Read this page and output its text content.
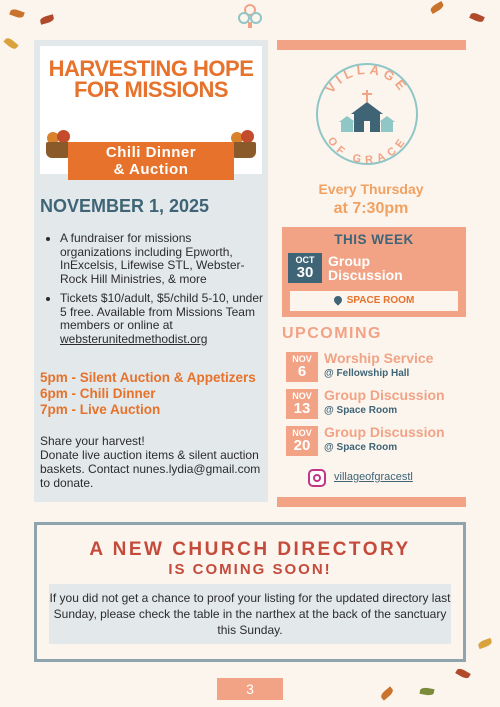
HARVESTING HOPE FOR MISSIONS
Chili Dinner
& Auction
NOVEMBER 1, 2025
• A fundraiser for missions organizations including Epworth, InExcelsis, Lifewise STL, Webster-Rock Hill Ministries, & more
• Tickets $10/adult, $5/child 5-10, under 5 free. Available from Missions Team members or online at websterunitedmethodist.org
5pm - Silent Auction & Appetizers
6pm - Chili Dinner
7pm - Live Auction
Share your harvest!
Donate live auction items & silent auction baskets. Contact nunes.lydia@gmail.com to donate.
VILLAGE
OF GRACE
Every Thursday
at 7:30pm
THIS WEEK
OCT
30
Group
Discussion
SPACE ROOM
UPCOMING
NOV
6
Worship Service
@ Fellowship Hall
NOV
13
Group Discussion
@ Space Room
NOV
20
Group Discussion
@ Space Room
villageofgracestl
A NEW CHURCH DIRECTORY
IS COMING SOON!
If you did not get a chance to proof your listing for the updated directory last Sunday, please check the table in the narthex at the back of the sanctuary this Sunday.
3
